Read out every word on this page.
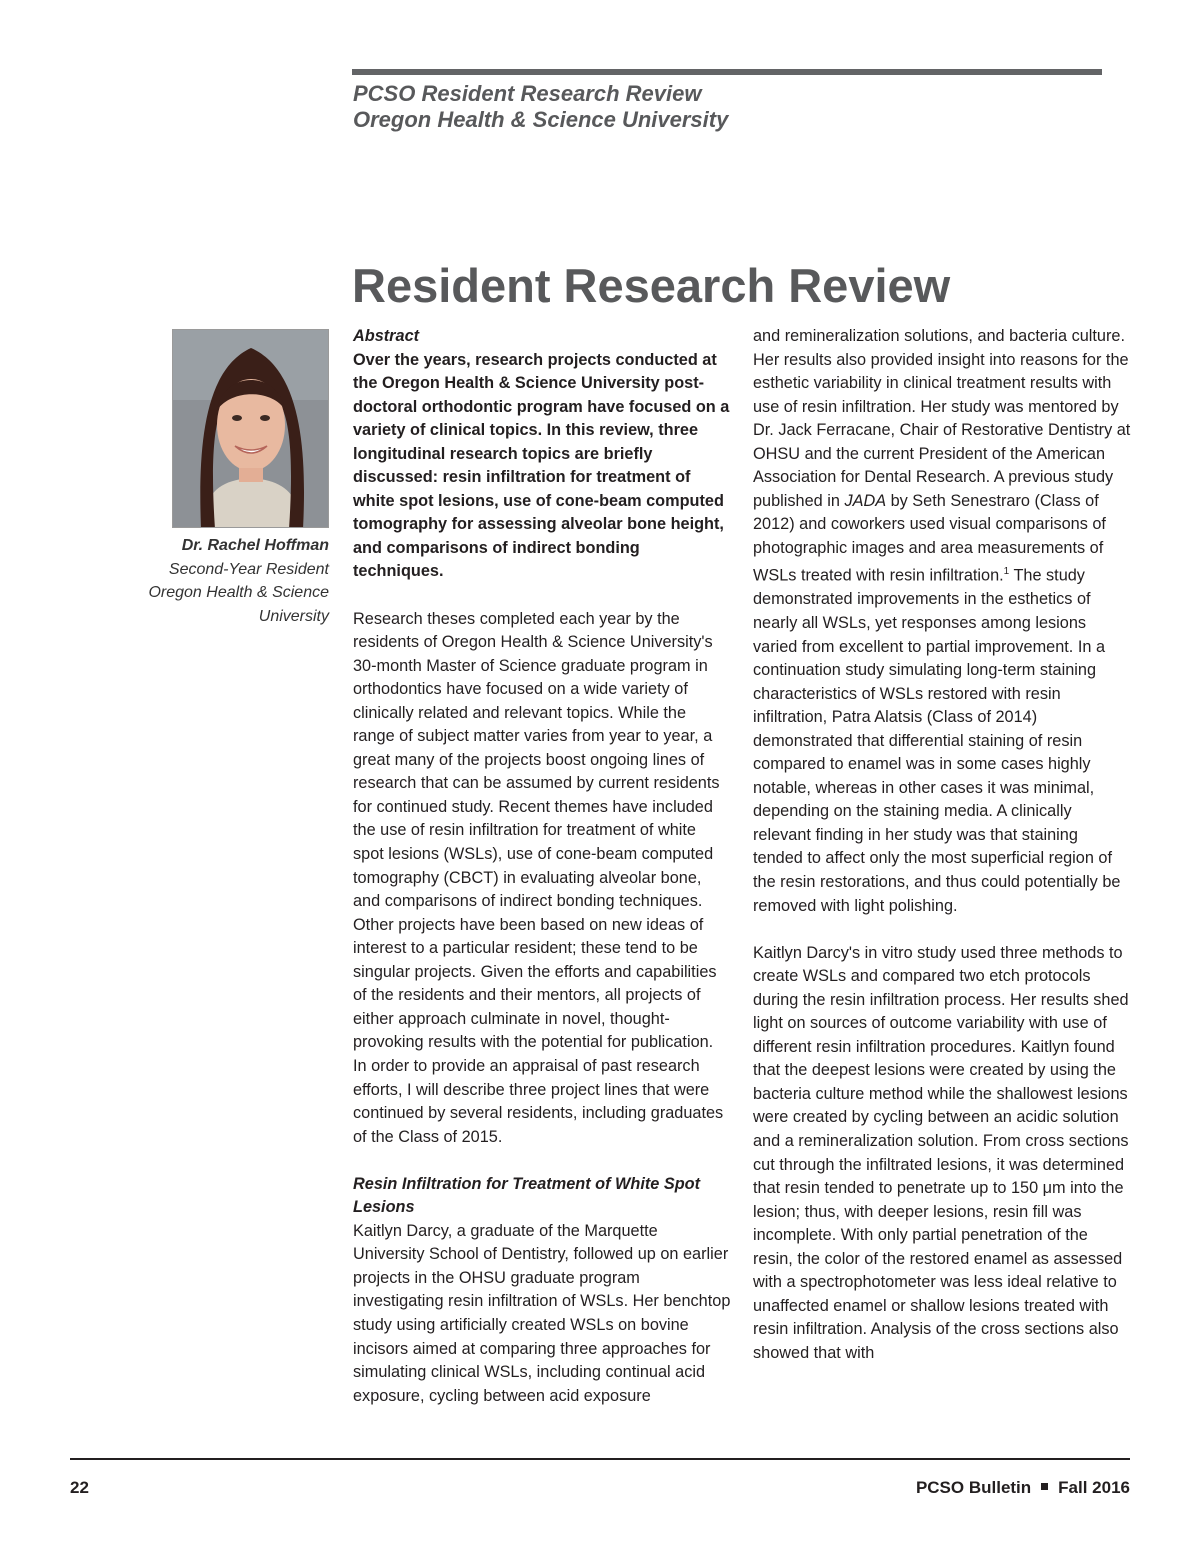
PCSO Resident Research Review
Oregon Health & Science University
Resident Research Review
Dr. Rachel Hoffman
Second-Year Resident
Oregon Health & Science
University

Abstract

Over the years, research projects conducted at the Oregon Health & Science University post-doctoral orthodontic program have focused on a variety of clinical topics. In this review, three longitudinal research topics are briefly discussed: resin infiltration for treatment of white spot lesions, use of cone-beam computed tomography for assessing alveolar bone height, and comparisons of indirect bonding techniques.

Research theses completed each year by the residents of Oregon Health & Science University's 30-month Master of Science graduate program in orthodontics have focused on a wide variety of clinically related and relevant topics. While the range of subject matter varies from year to year, a great many of the projects boost ongoing lines of research that can be assumed by current residents for continued study. Recent themes have included the use of resin infiltration for treatment of white spot lesions (WSLs), use of cone-beam computed tomography (CBCT) in evaluating alveolar bone, and comparisons of indirect bonding techniques. Other projects have been based on new ideas of interest to a particular resident; these tend to be singular projects. Given the efforts and capabilities of the residents and their mentors, all projects of either approach culminate in novel, thought-provoking results with the potential for publication. In order to provide an appraisal of past research efforts, I will describe three project lines that were continued by several residents, including graduates of the Class of 2015.

Resin Infiltration for Treatment of White Spot Lesions

Kaitlyn Darcy, a graduate of the Marquette University School of Dentistry, followed up on earlier projects in the OHSU graduate program investigating resin infiltration of WSLs. Her benchtop study using artificially created WSLs on bovine incisors aimed at comparing three approaches for simulating clinical WSLs, including continual acid exposure, cycling between acid exposure

and remineralization solutions, and bacteria culture. Her results also provided insight into reasons for the esthetic variability in clinical treatment results with use of resin infiltration. Her study was mentored by Dr. Jack Ferracane, Chair of Restorative Dentistry at OHSU and the current President of the American Association for Dental Research. A previous study published in JADA by Seth Senestraro (Class of 2012) and coworkers used visual comparisons of photographic images and area measurements of WSLs treated with resin infiltration.$^1$ The study demonstrated improvements in the esthetics of nearly all WSLs, yet responses among lesions varied from excellent to partial improvement. In a continuation study simulating long-term staining characteristics of WSLs restored with resin infiltration, Patra Alatsis (Class of 2014) demonstrated that differential staining of resin compared to enamel was in some cases highly notable, whereas in other cases it was minimal, depending on the staining media. A clinically relevant finding in her study was that staining tended to affect only the most superficial region of the resin restorations, and thus could potentially be removed with light polishing.

Kaitlyn Darcy's in vitro study used three methods to create WSLs and compared two etch protocols during the resin infiltration process. Her results shed light on sources of outcome variability with use of different resin infiltration procedures. Kaitlyn found that the deepest lesions were created by using the bacteria culture method while the shallowest lesions were created by cycling between an acidic solution and a remineralization solution. From cross sections cut through the infiltrated lesions, it was determined that resin tended to penetrate up to 150 μm into the lesion; thus, with deeper lesions, resin fill was incomplete. With only partial penetration of the resin, the color of the restored enamel as assessed with a spectrophotometer was less ideal relative to unaffected enamel or shallow lesions treated with resin infiltration. Analysis of the cross sections also showed that with

22	PCSO Bulletin Fall 2016
